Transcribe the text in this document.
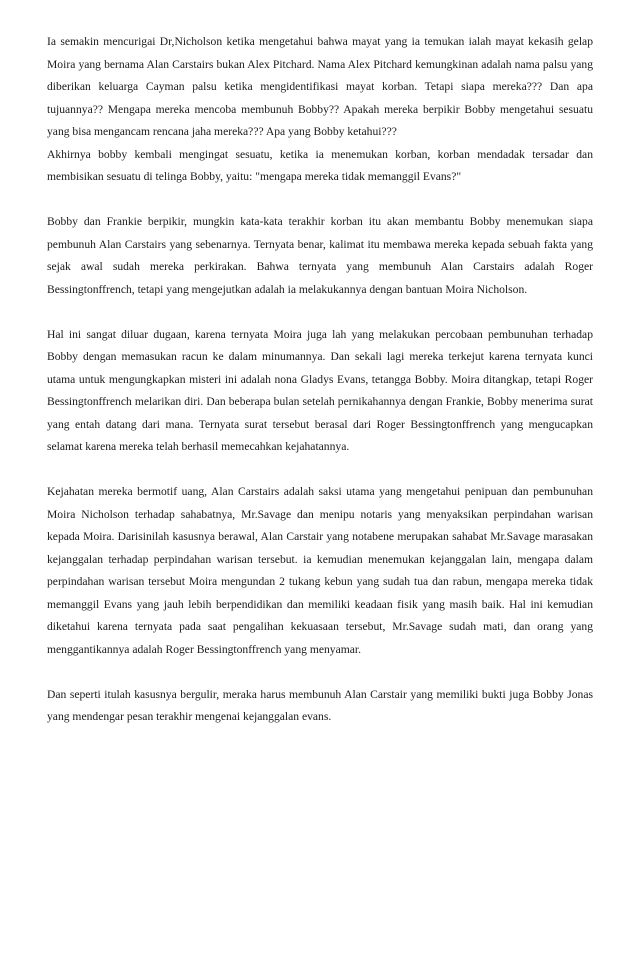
Ia semakin mencurigai Dr,Nicholson ketika mengetahui bahwa mayat yang ia temukan ialah mayat kekasih gelap Moira yang bernama Alan Carstairs bukan Alex Pitchard. Nama Alex Pitchard kemungkinan adalah nama palsu yang diberikan keluarga Cayman palsu ketika mengidentifikasi mayat korban. Tetapi siapa mereka??? Dan apa tujuannya?? Mengapa mereka mencoba membunuh Bobby?? Apakah mereka berpikir Bobby mengetahui sesuatu yang bisa mengancam rencana jaha mereka??? Apa yang Bobby ketahui???

Akhirnya bobby kembali mengingat sesuatu, ketika ia menemukan korban, korban mendadak tersadar dan membisikan sesuatu di telinga Bobby, yaitu: "mengapa mereka tidak memanggil Evans?"

Bobby dan Frankie berpikir, mungkin kata-kata terakhir korban itu akan membantu Bobby menemukan siapa pembunuh Alan Carstairs yang sebenarnya. Ternyata benar, kalimat itu membawa mereka kepada sebuah fakta yang sejak awal sudah mereka perkirakan. Bahwa ternyata yang membunuh Alan Carstairs adalah Roger Bessingtonffrench, tetapi yang mengejutkan adalah ia melakukannya dengan bantuan Moira Nicholson.

Hal ini sangat diluar dugaan, karena ternyata Moira juga lah yang melakukan percobaan pembunuhan terhadap Bobby dengan memasukan racun ke dalam minumannya. Dan sekali lagi mereka terkejut karena ternyata kunci utama untuk mengungkapkan misteri ini adalah nona Gladys Evans, tetangga Bobby. Moira ditangkap, tetapi Roger Bessingtonffrench melarikan diri. Dan beberapa bulan setelah pernikahannya dengan Frankie, Bobby menerima surat yang entah datang dari mana. Ternyata surat tersebut berasal dari Roger Bessingtonffrench yang mengucapkan selamat karena mereka telah berhasil memecahkan kejahatannya.

Kejahatan mereka bermotif uang, Alan Carstairs adalah saksi utama yang mengetahui penipuan dan pembunuhan Moira Nicholson terhadap sahabatnya, Mr.Savage dan menipu notaris yang menyaksikan perpindahan warisan kepada Moira. Darisinilah kasusnya berawal, Alan Carstair yang notabene merupakan sahabat Mr.Savage marasakan kejanggalan terhadap perpindahan warisan tersebut. ia kemudian menemukan kejanggalan lain, mengapa dalam perpindahan warisan tersebut Moira mengundan 2 tukang kebun yang sudah tua dan rabun, mengapa mereka tidak memanggil Evans yang jauh lebih berpendidikan dan memiliki keadaan fisik yang masih baik. Hal ini kemudian diketahui karena ternyata pada saat pengalihan kekuasaan tersebut, Mr.Savage sudah mati, dan orang yang menggantikannya adalah Roger Bessingtonffrench yang menyamar.

Dan seperti itulah kasusnya bergulir, meraka harus membunuh Alan Carstair yang memiliki bukti juga Bobby Jonas yang mendengar pesan terakhir mengenai kejanggalan evans.
